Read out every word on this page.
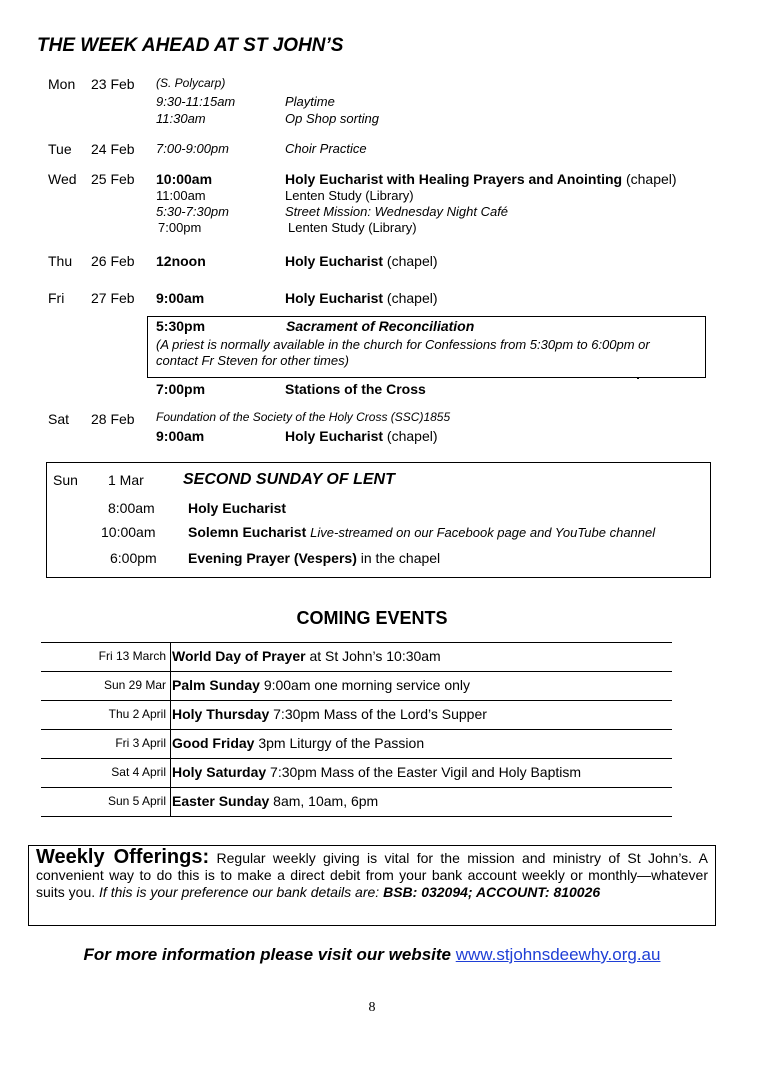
THE WEEK AHEAD AT ST JOHN’S
Mon 23 Feb (S. Polycarp)
9:30-11:15am	Playtime
11:30am	Op Shop sorting
Tue 24 Feb 7:00-9:00pm	Choir Practice
Wed 25 Feb 10:00am	Holy Eucharist with Healing Prayers and Anointing (chapel)
11:00am	Lenten Study (Library)
5:30-7:30pm	Street Mission: Wednesday Night Café
7:00pm	Lenten Study (Library)
Thu 26 Feb 12noon	Holy Eucharist (chapel)
Fri 27 Feb 9:00am	Holy Eucharist (chapel)
5:30pm	Sacrament of Reconciliation
(A priest is normally available in the church for Confessions from 5:30pm to 6:00pm or
contact Fr Steven for other times)
7:00pm	Stations of the Cross
Sat 28 Feb Foundation of the Society of the Holy Cross (SSC)1855
9:00am	Holy Eucharist (chapel)
Sun 1 Mar SECOND SUNDAY OF LENT
8:00am Holy Eucharist
10:00am Solemn Eucharist Live-streamed on our Facebook page and YouTube channel
6:00pm Evening Prayer (Vespers) in the chapel
COMING EVENTS
Fri 13 March World Day of Prayer at St John’s 10:30am
Sun 29 Mar Palm Sunday 9:00am one morning service only
Thu 2 April Holy Thursday 7:30pm Mass of the Lord’s Supper
Fri 3 April Good Friday 3pm Liturgy of the Passion
Sat 4 April Holy Saturday 7:30pm Mass of the Easter Vigil and Holy Baptism
Sun 5 April Easter Sunday 8am, 10am, 6pm
Weekly Offerings: Regular weekly giving is vital for the mission and ministry of St John’s. A convenient way to do this is to make a direct debit from your bank account weekly or monthly—whatever suits you. If this is your preference our bank details are: BSB: 032094; ACCOUNT: 810026
For more information please visit our website www.stjohnsdeewhy.org.au
8
